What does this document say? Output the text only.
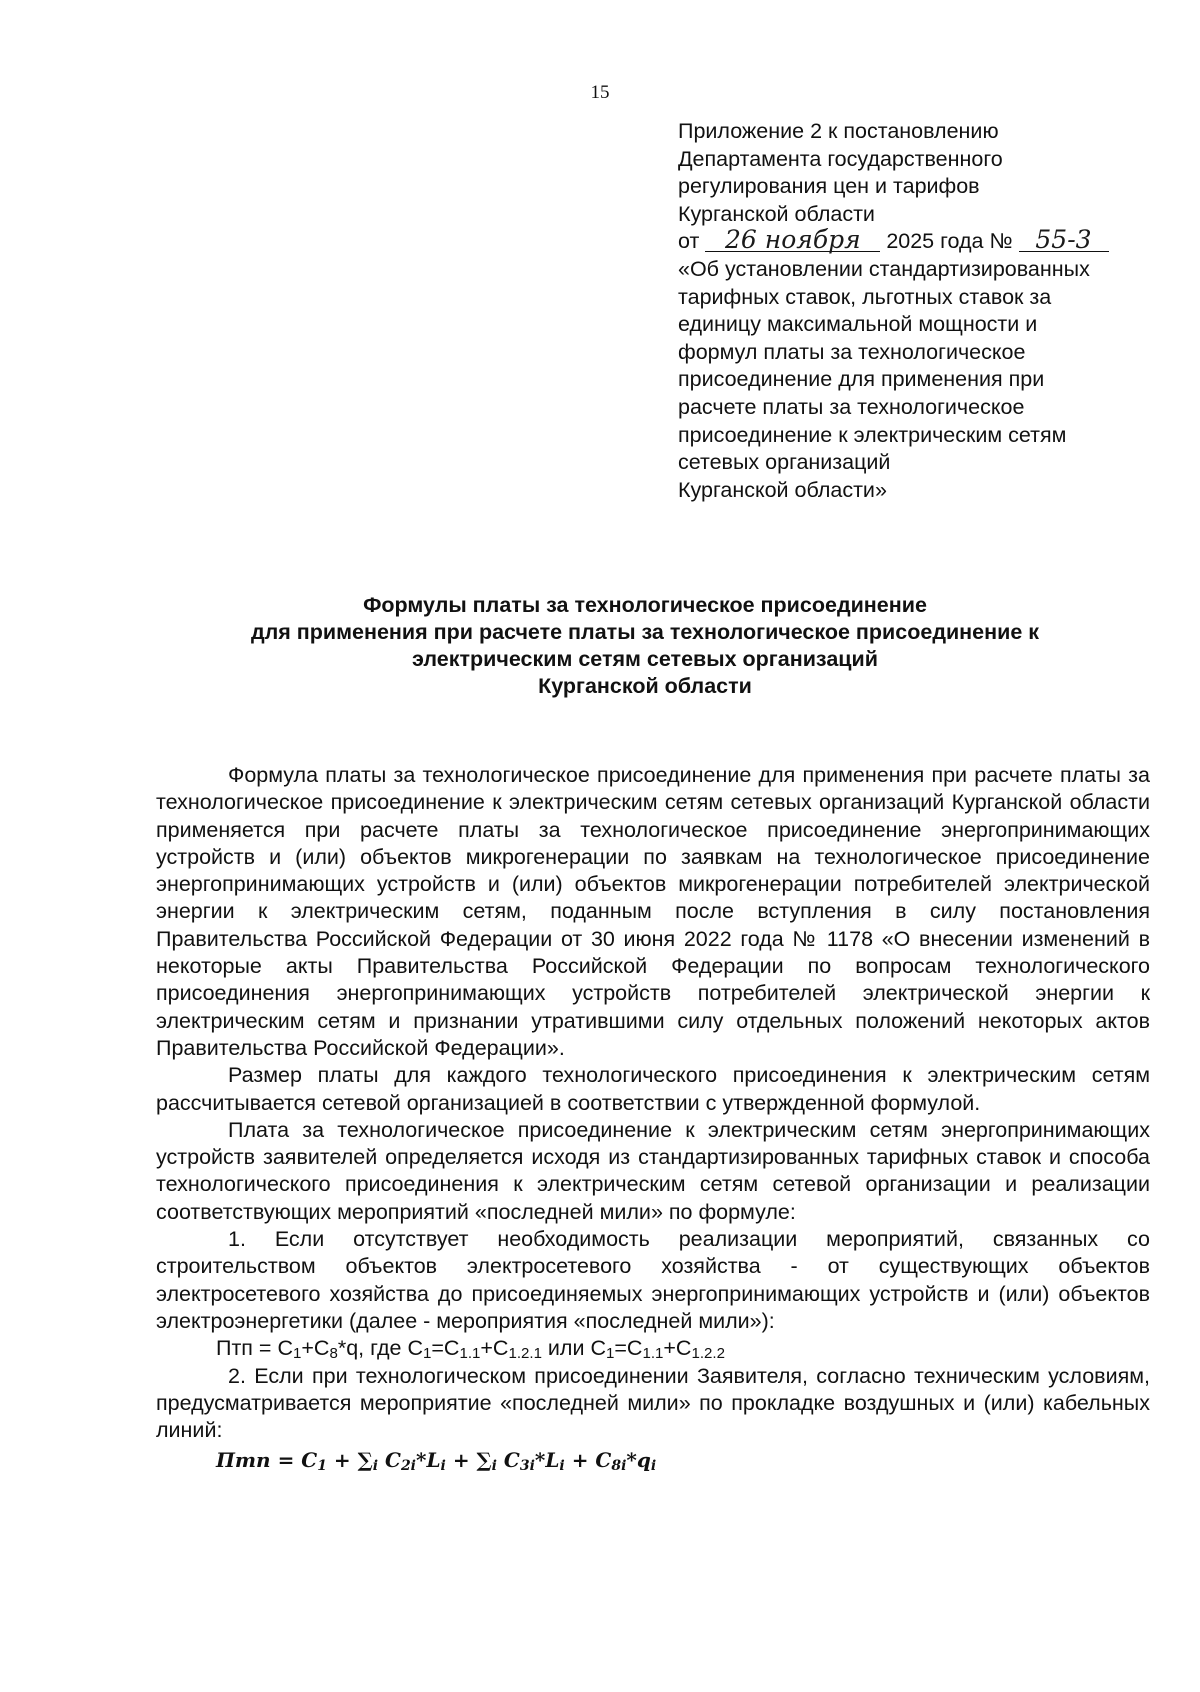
15
Приложение 2 к постановлению
Департамента государственного
регулирования цен и тарифов
Курганской области
от 26 ноября 2025 года № 55-3
«Об установлении стандартизированных
тарифных ставок, льготных ставок за
единицу максимальной мощности и
формул платы за технологическое
присоединение для применения при
расчете платы за технологическое
присоединение к электрическим сетям
сетевых организаций
Курганской области»
Формулы платы за технологическое присоединение
для применения при расчете платы за технологическое присоединение к
электрическим сетям сетевых организаций
Курганской области

Формула платы за технологическое присоединение для применения при расчете платы за технологическое присоединение к электрическим сетям сетевых организаций Курганской области применяется при расчете платы за технологическое присоединение энергопринимающих устройств и (или) объектов микрогенерации по заявкам на технологическое присоединение энергопринимающих устройств и (или) объектов микрогенерации потребителей электрической энергии к электрическим сетям, поданным после вступления в силу постановления Правительства Российской Федерации от 30 июня 2022 года № 1178 «О внесении изменений в некоторые акты Правительства Российской Федерации по вопросам технологического присоединения энергопринимающих устройств потребителей электрической энергии к электрическим сетям и признании утратившими силу отдельных положений некоторых актов Правительства Российской Федерации».

Размер платы для каждого технологического присоединения к электрическим сетям рассчитывается сетевой организацией в соответствии с утвержденной формулой.

Плата за технологическое присоединение к электрическим сетям энергопринимающих устройств заявителей определяется исходя из стандартизированных тарифных ставок и способа технологического присоединения к электрическим сетям сетевой организации и реализации соответствующих мероприятий «последней мили» по формуле:

1. Если отсутствует необходимость реализации мероприятий, связанных со строительством объектов электросетевого хозяйства - от существующих объектов электросетевого хозяйства до присоединяемых энергопринимающих устройств и (или) объектов электроэнергетики (далее - мероприятия «последней мили»):

Птп = $C_1+C_8*q$, где $C_1=C_{1.1}+C_{1.2.1}$ или $C_1=C_{1.1}+C_{1.2.2}$

2. Если при технологическом присоединении Заявителя, согласно техническим условиям, предусматривается мероприятие «последней мили» по прокладке воздушных и (или) кабельных линий:

Птп = $C_1 + \sum_i$ $C_{2i}*L_i + \sum_i$ $C_{3i}*L_i + C_{8i}*q_i$
